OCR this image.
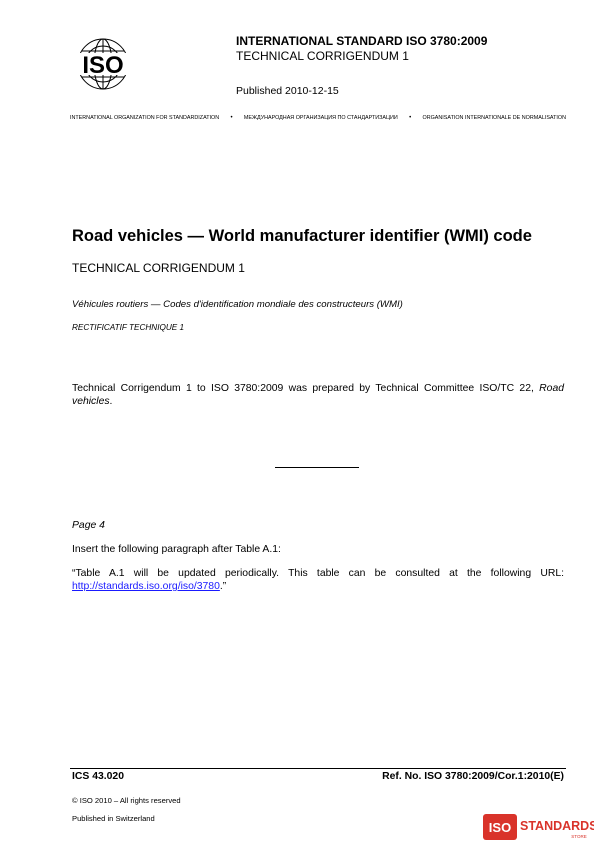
ISO
INTERNATIONAL STANDARD ISO 3780:2009
TECHNICAL CORRIGENDUM 1
Published 2010-12-15
INTERNATIONAL ORGANIZATION FOR STANDARDIZATION • МЕЖДУНАРОДНАЯ ОРГАНИЗАЦИЯ ПО СТАНДАРТИЗАЦИИ • ORGANISATION INTERNATIONALE DE NORMALISATION
Road vehicles — World manufacturer identifier (WMI) code
TECHNICAL CORRIGENDUM 1
Véhicules routiers — Codes d'identification mondiale des constructeurs (WMI)
RECTIFICATIF TECHNIQUE 1
Technical Corrigendum 1 to ISO 3780:2009 was prepared by Technical Committee ISO/TC 22, Road vehicles.
Page 4
Insert the following paragraph after Table A.1:
“Table A.1 will be updated periodically. This table can be consulted at the following URL: http://standards.iso.org/iso/3780.”
ICS 43.020	Ref. No. ISO 3780:2009/Cor.1:2010(E)
© ISO 2010 – All rights reserved
Published in Switzerland
ISO STANDARDS
STORE
